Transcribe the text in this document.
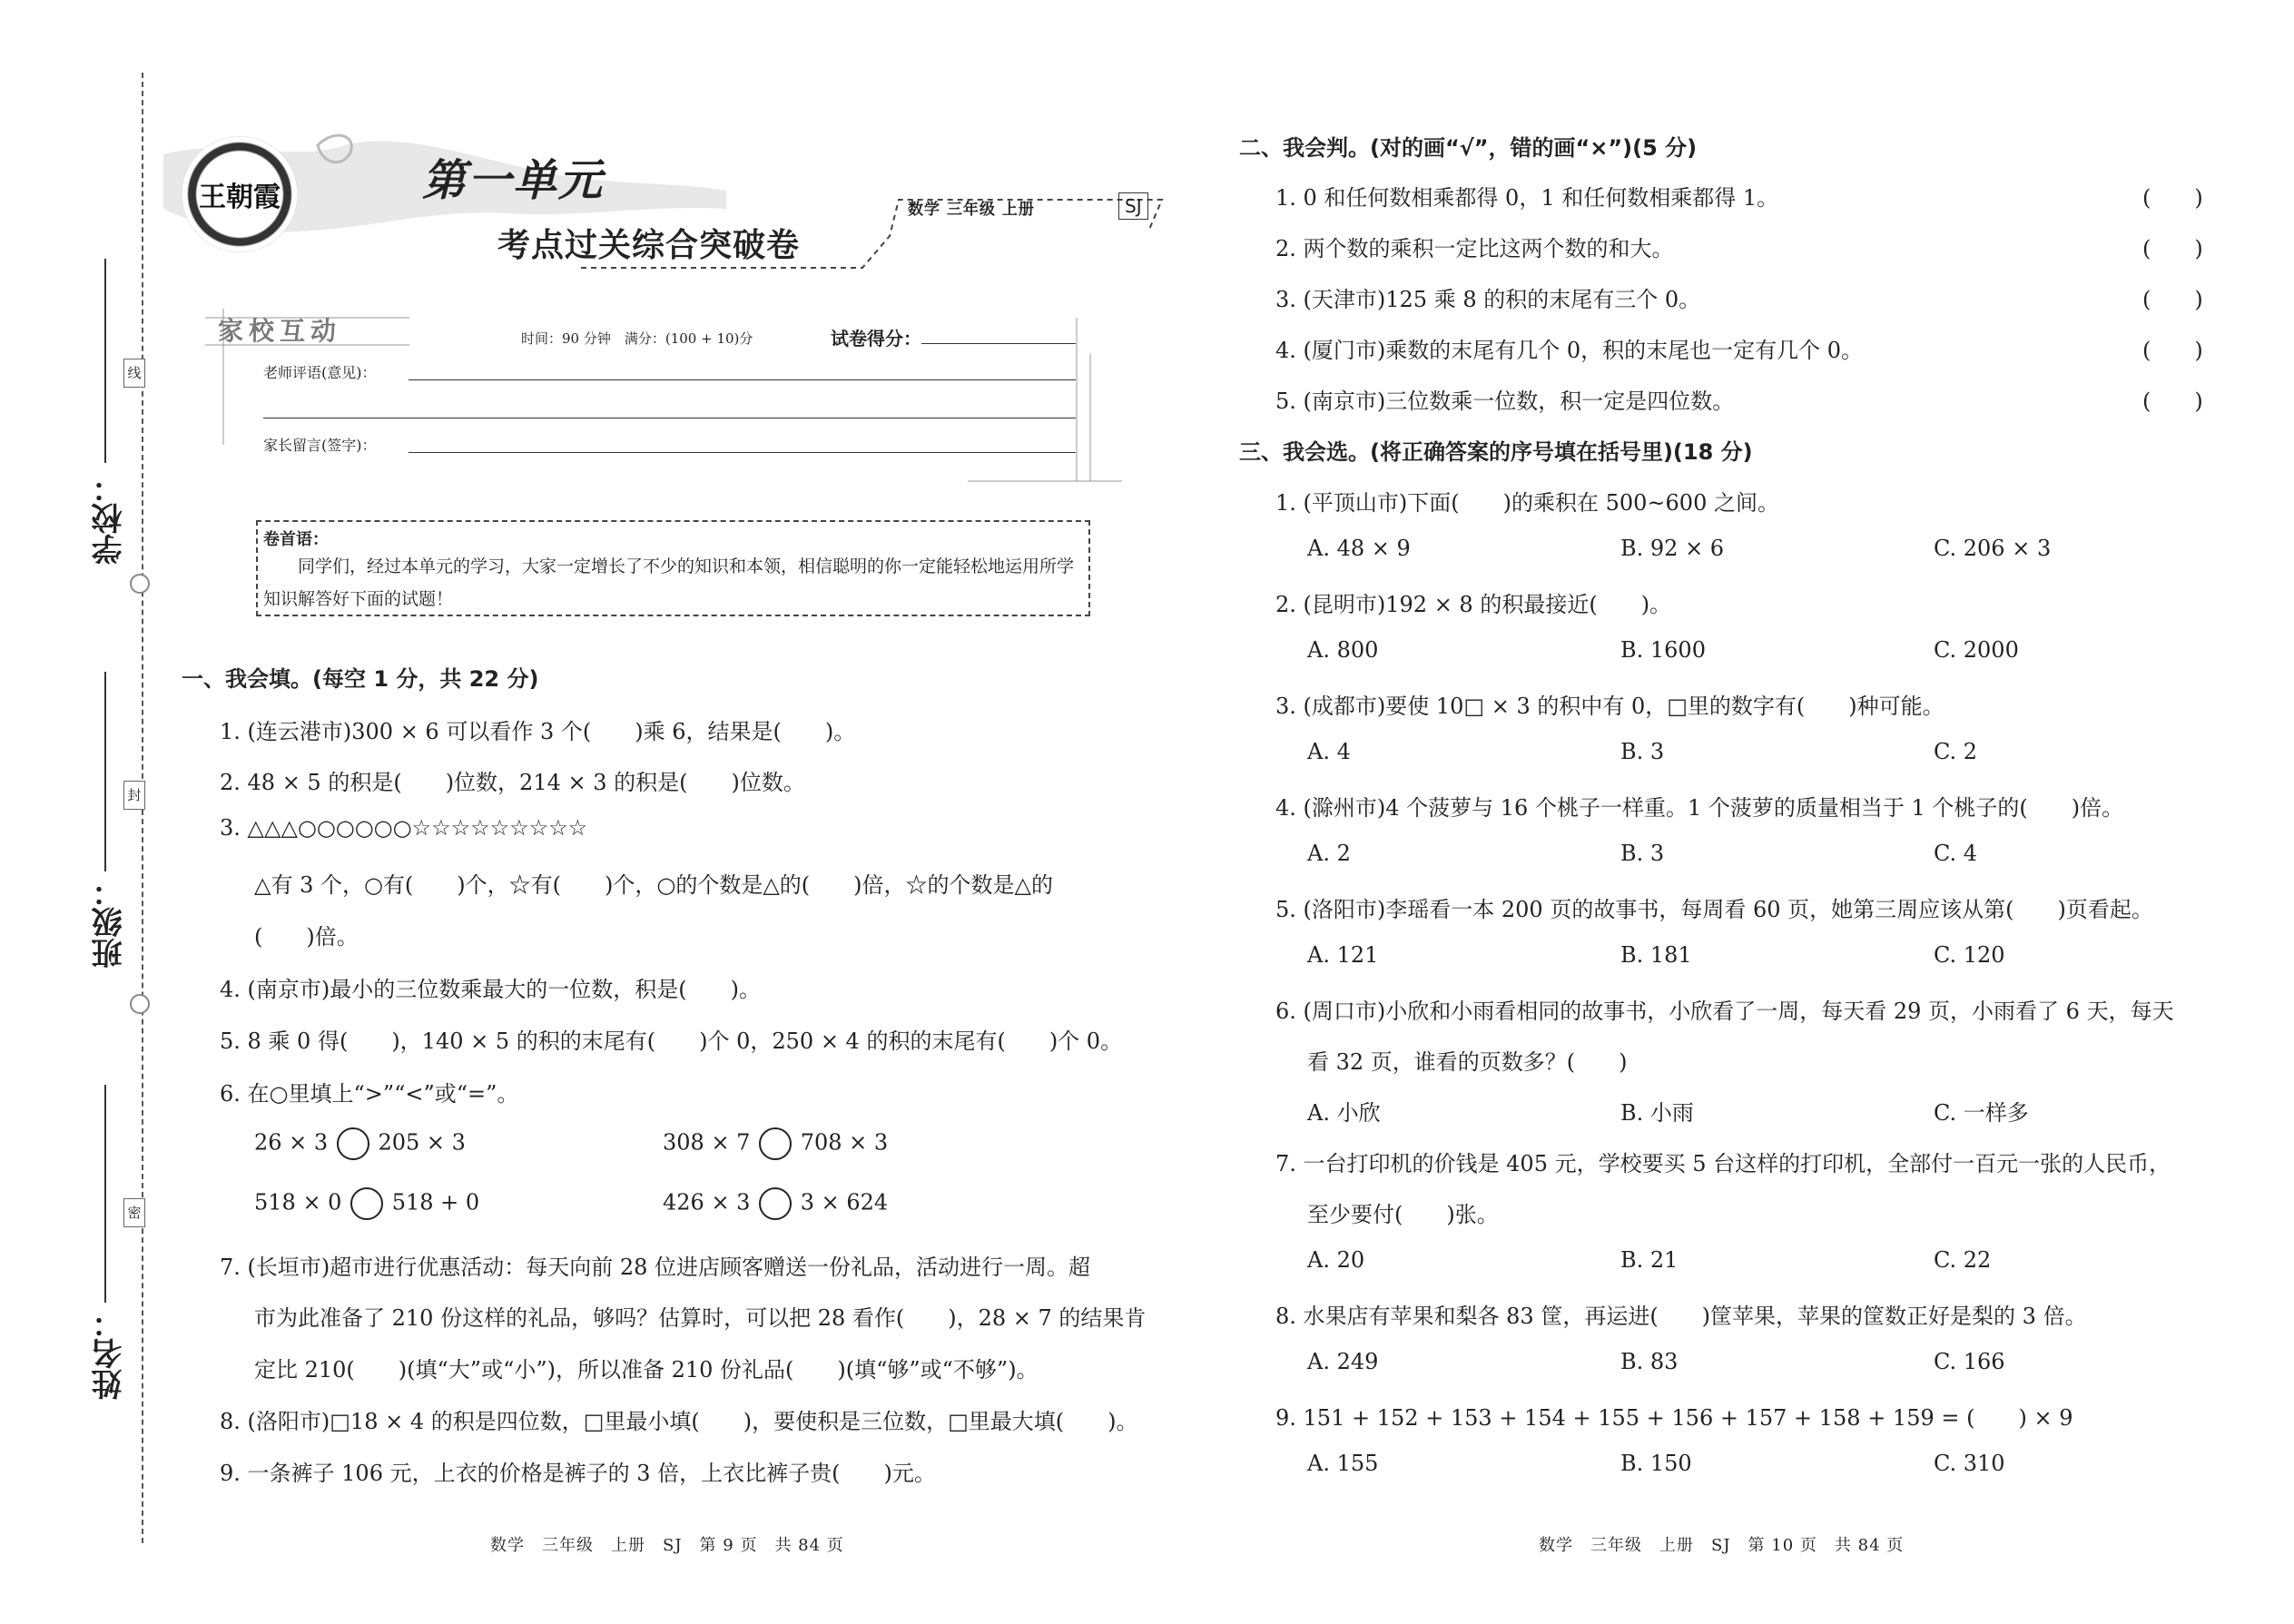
学校：
班级：
姓名：
线
封
密
王朝霞	第一单元
考点过关综合突破卷
数学 三年级 上册	SJ
家校互动	时间：90 分钟　满分：(100 + 10)分	试卷得分：
老师评语(意见)：
家长留言(签字)：
卷首语：
同学们，经过本单元的学习，大家一定增长了不少的知识和本领，相信聪明的你一定能轻松地运用所学知识解答好下面的试题！
一、我会填。(每空 1 分，共 22 分)
1. (连云港市)300 × 6 可以看作 3 个(　　)乘 6，结果是(　　)。
2. 48 × 5 的积是(　　)位数，214 × 3 的积是(　　)位数。
3. △△△○○○○○○☆☆☆☆☆☆☆☆☆
△有 3 个，○有(　　)个，☆有(　　)个，○的个数是△的(　　)倍，☆的个数是△的
(　　)倍。
4. (南京市)最小的三位数乘最大的一位数，积是(　　)。
5. 8 乘 0 得(　　)，140 × 5 的积的末尾有(　　)个 0，250 × 4 的积的末尾有(　　)个 0。
6. 在○里填上“>”“<”或“=”。
26 × 3 205 × 3	308 × 7 708 × 3
518 × 0 518 + 0	426 × 3 3 × 624
7. (长垣市)超市进行优惠活动：每天向前 28 位进店顾客赠送一份礼品，活动进行一周。超
市为此准备了 210 份这样的礼品，够吗？估算时，可以把 28 看作(　　)，28 × 7 的结果肯
定比 210(　　)(填“大”或“小”)，所以准备 210 份礼品(　　)(填“够”或“不够”)。
8. (洛阳市)□18 × 4 的积是四位数，□里最小填(　　)，要使积是三位数，□里最大填(　　)。
9. 一条裤子 106 元，上衣的价格是裤子的 3 倍，上衣比裤子贵(　　)元。
数学　三年级　上册　SJ　第 9 页　共 84 页
二、我会判。(对的画“√”，错的画“×”)(5 分)
1. 0 和任何数相乘都得 0，1 和任何数相乘都得 1。	(　　)
2. 两个数的乘积一定比这两个数的和大。	(　　)
3. (天津市)125 乘 8 的积的末尾有三个 0。	(　　)
4. (厦门市)乘数的末尾有几个 0，积的末尾也一定有几个 0。	(　　)
5. (南京市)三位数乘一位数，积一定是四位数。	(　　)
三、我会选。(将正确答案的序号填在括号里)(18 分)
1. (平顶山市)下面(　　)的乘积在 500~600 之间。
A. 48 × 9	B. 92 × 6	C. 206 × 3
2. (昆明市)192 × 8 的积最接近(　　)。
A. 800	B. 1600	C. 2000
3. (成都市)要使 10□ × 3 的积中有 0，□里的数字有(　　)种可能。
A. 4	B. 3	C. 2
4. (滁州市)4 个菠萝与 16 个桃子一样重。1 个菠萝的质量相当于 1 个桃子的(　　)倍。
A. 2	B. 3	C. 4
5. (洛阳市)李瑶看一本 200 页的故事书，每周看 60 页，她第三周应该从第(　　)页看起。
A. 121	B. 181	C. 120
6. (周口市)小欣和小雨看相同的故事书，小欣看了一周，每天看 29 页，小雨看了 6 天，每天
看 32 页，谁看的页数多？(　　)
A. 小欣	B. 小雨	C. 一样多
7. 一台打印机的价钱是 405 元，学校要买 5 台这样的打印机，全部付一百元一张的人民币，
至少要付(　　)张。
A. 20	B. 21	C. 22
8. 水果店有苹果和梨各 83 筐，再运进(　　)筐苹果，苹果的筐数正好是梨的 3 倍。
A. 249	B. 83	C. 166
9. 151 + 152 + 153 + 154 + 155 + 156 + 157 + 158 + 159 = (　　) × 9
A. 155	B. 150	C. 310
数学　三年级　上册　SJ　第 10 页　共 84 页
